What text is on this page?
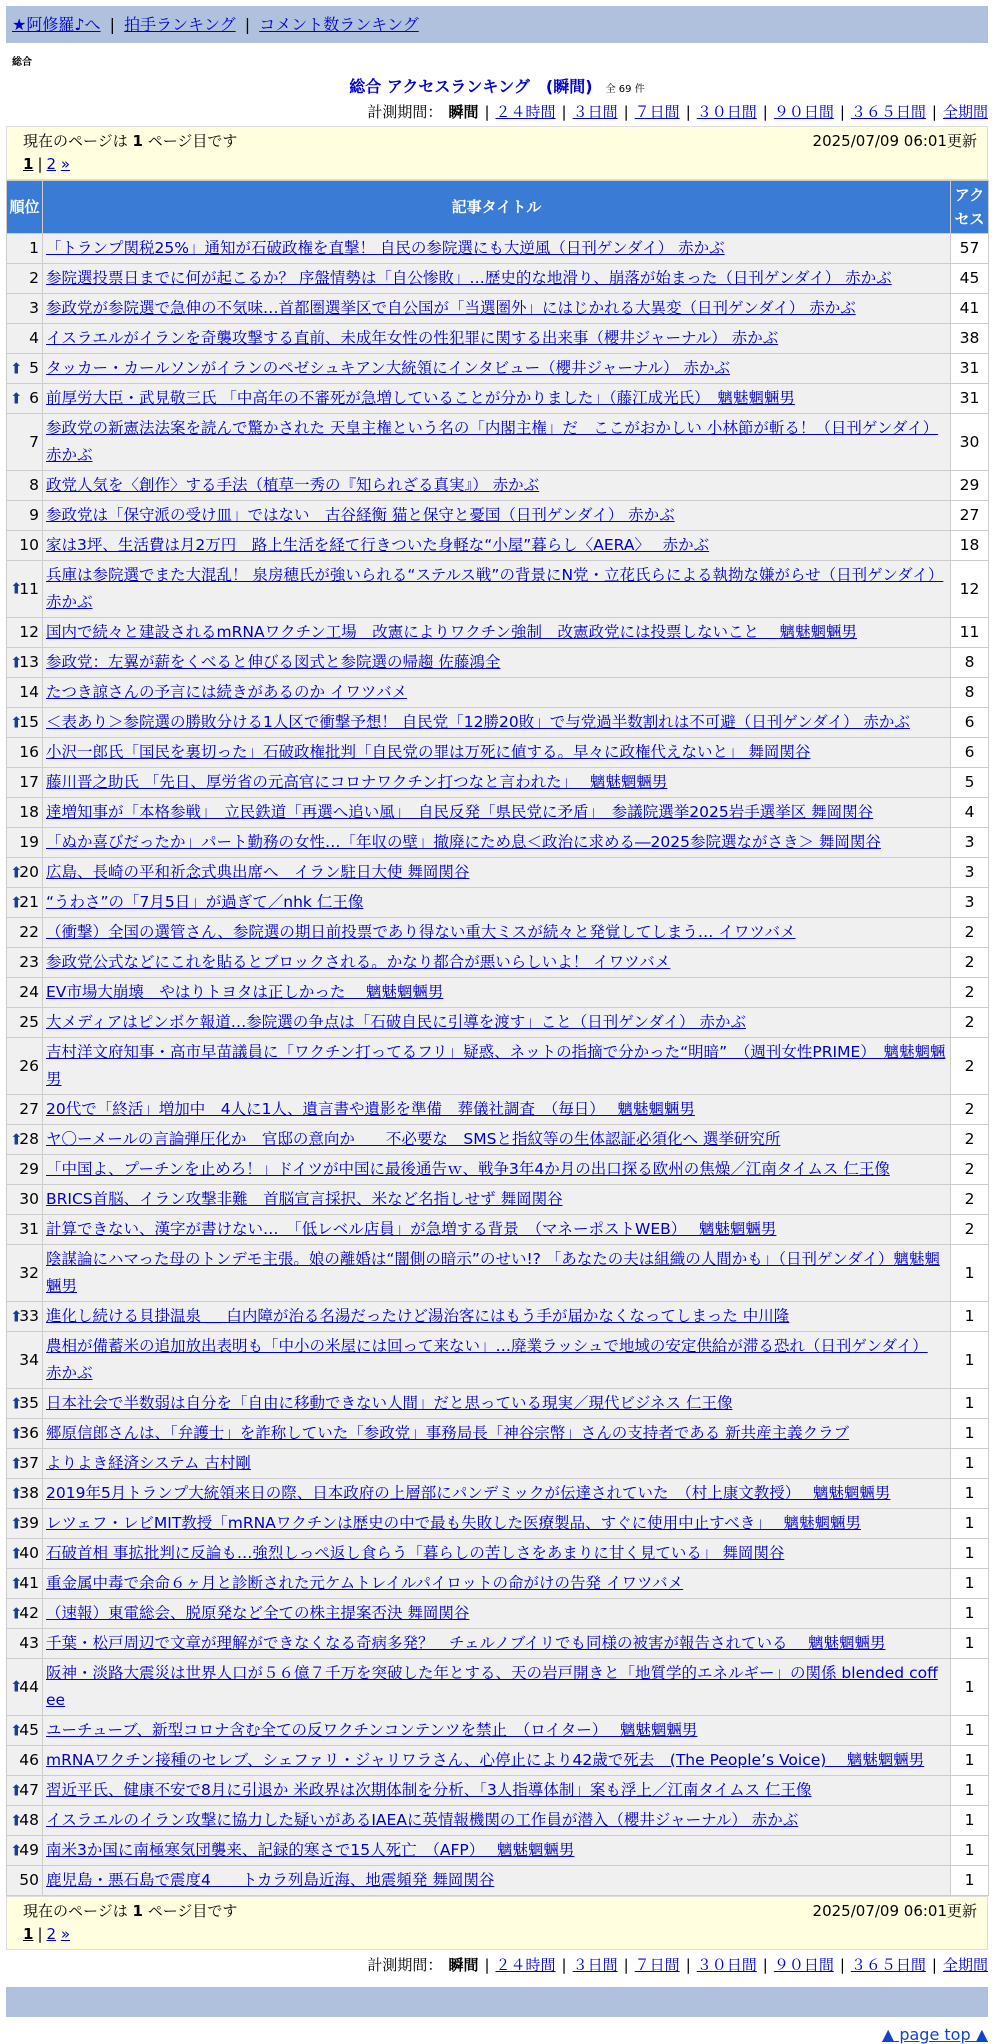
★阿修羅♪へ | 拍手ランキング | コメント数ランキング
総合
総合 アクセスランキング　(瞬間) 全 69 件
計測期間： 瞬間 | ２４時間 | ３日間 | ７日間 | ３０日間 | ９０日間 | ３６５日間 | 全期間
現在のページは 1 ページ目です	2025/07/09 06:01更新
1 | 2 »
順位	記事タイトル	アクセス
1	「トランプ関税25%」通知が石破政権を直撃！ 自民の参院選にも大逆風（日刊ゲンダイ） 赤かぶ	57
2	参院選投票日までに何が起こるか？ 序盤情勢は「自公惨敗」…歴史的な地滑り、崩落が始まった（日刊ゲンダイ） 赤かぶ	45
3	参政党が参院選で急伸の不気味…首都圏選挙区で自公国が「当選圏外」にはじかれる大異変（日刊ゲンダイ） 赤かぶ	41
4	イスラエルがイランを奇襲攻撃する直前、未成年女性の性犯罪に関する出来事（櫻井ジャーナル） 赤かぶ	38

⬆ 5	タッカー・カールソンがイランのペゼシュキアン大統領にインタビュー（櫻井ジャーナル） 赤かぶ	31

⬆ 6	前厚労大臣・武見敬三氏 「中高年の不審死が急増していることが分かりました」（藤江成光氏）　魑魅魍魎男	31
7	参政党の新憲法法案を読んで驚かされた 天皇主権という名の「内閣主権」だ　ここがおかしい 小林節が斬る！（日刊ゲンダイ） 赤かぶ	30
8	政党人気を〈創作〉する手法（植草一秀の『知られざる真実』） 赤かぶ	29
9	参政党は「保守派の受け皿」ではない　古谷経衡 猫と保守と憂国（日刊ゲンダイ） 赤かぶ	27
10	家は3坪、生活費は月2万円　路上生活を経て行きついた身軽な“小屋”暮らし〈AERA〉　 赤かぶ	18

⬆
11	兵庫は参院選でまた大混乱！ 泉房穂氏が強いられる“ステルス戦”の背景にN党・立花氏らによる執拗な嫌がらせ（日刊ゲンダイ） 赤かぶ	12
12	国内で続々と建設されるmRNAワクチン工場　改憲によりワクチン強制　改憲政党には投票しないこと　 魑魅魍魎男	11

⬆
13	参政党：左翼が薪をくべると伸びる図式と参院選の帰趨 佐藤鴻全	8
14	たつき諒さんの予言には続きがあるのか イワツバメ	8

⬆
15	＜表あり＞参院選の勝敗分ける1人区で衝撃予想！ 自民党「12勝20敗」で与党過半数割れは不可避（日刊ゲンダイ） 赤かぶ	6
16	小沢一郎氏「国民を裏切った」石破政権批判「自民党の罪は万死に値する。早々に政権代えないと」 舞岡関谷	6
17	藤川晋之助氏 「先日、厚労省の元高官にコロナワクチン打つなと言われた」　 魑魅魍魎男	5
18	達増知事が「本格参戦」　立民鉄道「再選へ追い風」　自民反発「県民党に矛盾」　参議院選挙2025岩手選挙区 舞岡関谷	4
19	「ぬか喜びだったか」パート勤務の女性…「年収の壁」撤廃にため息＜政治に求める―2025参院選ながさき＞ 舞岡関谷	3

⬆
20	広島、長崎の平和祈念式典出席へ　イラン駐日大使 舞岡関谷	3

⬆
21	“うわさ”の「7月5日」が過ぎて／nhk 仁王像	3
22	（衝撃）全国の選管さん、参院選の期日前投票であり得ない重大ミスが続々と発覚してしまう… イワツバメ	2
23	参政党公式などにこれを貼るとブロックされる。かなり都合が悪いらしいよ！ イワツバメ	2
24	EV市場大崩壊　やはりトヨタは正しかった　 魑魅魍魎男	2
25	大メディアはピンボケ報道…参院選の争点は「石破自民に引導を渡す」こと（日刊ゲンダイ） 赤かぶ	2
26	吉村洋文府知事・高市早苗議員に「ワクチン打ってるフリ」疑惑、ネットの指摘で分かった“明暗”　（週刊女性PRIME）　魑魅魍魎男	2
27	20代で「終活」増加中　4人に1人、遺言書や遺影を準備　葬儀社調査　（毎日）　 魑魅魍魎男	2

⬆
28	ヤ〇ーメールの言論弾圧化か　官邸の意向か　　不必要な　SMSと指紋等の生体認証必須化へ 選挙研究所	2
29	「中国よ、プーチンを止めろ！」ドイツが中国に最後通告ｗ、戦争3年4か月の出口探る欧州の焦燥／江南タイムス 仁王像	2
30	BRICS首脳、イラン攻撃非難　首脳宣言採択、米など名指しせず 舞岡関谷	2
31	計算できない、漢字が書けない…　「低レベル店員」が急増する背景　（マネーポストWEB）　 魑魅魍魎男	2
32	陰謀論にハマった母のトンデモ主張。娘の離婚は“闇側の暗示”のせい!? 「あなたの夫は組織の人間かも」（日刊ゲンダイ）魑魅魍魎男	1

⬆
33	進化し続ける貝掛温泉 ＿ 白内障が治る名湯だったけど湯治客にはもう手が届かなくなってしまった 中川隆	1
34	農相が備蓄米の追加放出表明も「中小の米屋には回って来ない」…廃業ラッシュで地域の安定供給が滞る恐れ（日刊ゲンダイ） 赤かぶ	1

⬆
35	日本社会で半数弱は自分を「自由に移動できない人間」だと思っている現実／現代ビジネス 仁王像	1

⬆
36	郷原信郎さんは、「弁護士」を詐称していた「参政党」事務局長「神谷宗幣」さんの支持者である 新共産主義クラブ	1

⬆
37	よりよき経済システム 古村剛	1

⬆
38	2019年5月トランプ大統領来日の際、日本政府の上層部にパンデミックが伝達されていた　（村上康文教授）　 魑魅魍魎男	1

⬆
39	レツェフ・レビMIT教授「mRNAワクチンは歴史の中で最も失敗した医療製品、すぐに使用中止すべき」　 魑魅魍魎男	1

⬆
40	石破首相 事拡批判に反論も…強烈しっぺ返し食らう「暮らしの苦しさをあまりに甘く見ている」 舞岡関谷	1

⬆
41	重金属中毒で余命６ヶ月と診断された元ケムトレイルパイロットの命がけの告発 イワツバメ	1

⬆
42	（速報）東電総会、脱原発など全ての株主提案否決 舞岡関谷	1
43	千葉・松戸周辺で文章が理解ができなくなる奇病多発？　チェルノブイリでも同様の被害が報告されている　 魑魅魍魎男	1

⬆
44	阪神・淡路大震災は世界人口が５６億７千万を突破した年とする、天の岩戸開きと「地質学的エネルギー」の関係 blended coffee	1

⬆
45	ユーチューブ、新型コロナ含む全ての反ワクチンコンテンツを禁止　（ロイター）　 魑魅魍魎男	1
46	mRNAワクチン接種のセレブ、シェファリ・ジャリワラさん、心停止により42歳で死去　(The People’s Voice)　 魑魅魍魎男	1

⬆
47	習近平氏、健康不安で8月に引退か 米政界は次期体制を分析、「3人指導体制」案も浮上／江南タイムス 仁王像	1

⬆
48	イスラエルのイラン攻撃に協力した疑いがあるIAEAに英情報機関の工作員が潜入（櫻井ジャーナル） 赤かぶ	1

⬆
49	南米3か国に南極寒気団襲来、記録的寒さで15人死亡　（AFP）　 魑魅魍魎男	1
50	鹿児島・悪石島で震度4　　トカラ列島近海、地震頻発 舞岡関谷	1
現在のページは 1 ページ目です	2025/07/09 06:01更新
1 | 2 »
計測期間： 瞬間 | ２４時間 | ３日間 | ７日間 | ３０日間 | ９０日間 | ３６５日間 | 全期間
▲ page top ▲
